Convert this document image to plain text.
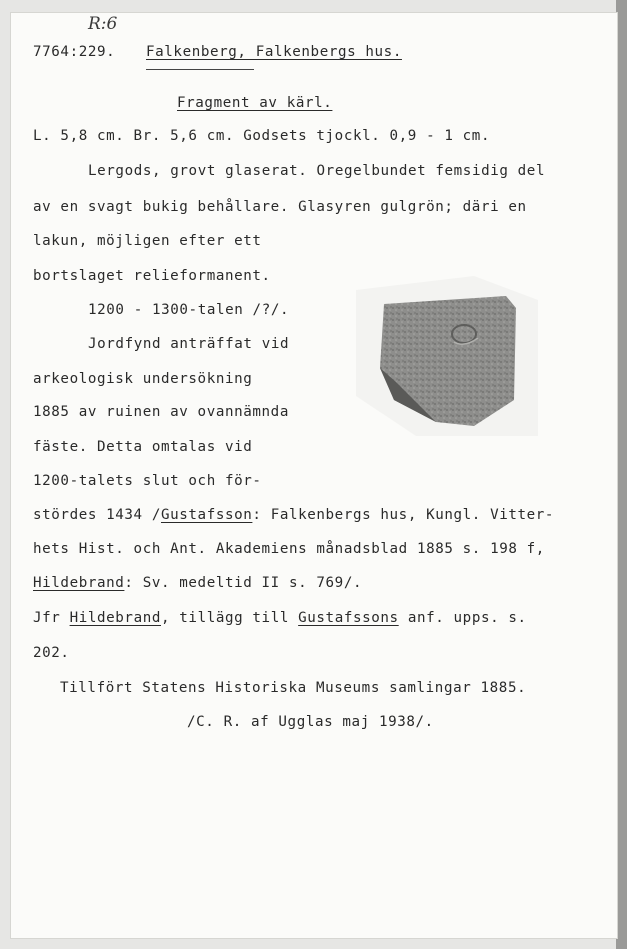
R:6
7764:229. Falkenberg, Falkenbergs hus.
Fragment av kärl.
L. 5,8 cm. Br. 5,6 cm. Godsets tjockl. 0,9 - 1 cm.
Lergods, grovt glaserat. Oregelbundet femsidig del
av en svagt bukig behållare. Glasyren gulgrön; däri en
lakun, möjligen efter ett
bortslaget relieformanent.
1200 - 1300-talen /?/.
Jordfynd anträffat vid
arkeologisk undersökning
1885 av ruinen av ovannämnda
fäste. Detta omtalas vid
1200-talets slut och för-
stördes 1434 /Gustafsson: Falkenbergs hus, Kungl. Vitter-
hets Hist. och Ant. Akademiens månadsblad 1885 s. 198 f,
Hildebrand: Sv. medeltid II s. 769/.
Jfr Hildebrand, tillägg till Gustafssons anf. upps. s.
202.
Tillfört Statens Historiska Museums samlingar 1885.
/C. R. af Ugglas maj 1938/.
